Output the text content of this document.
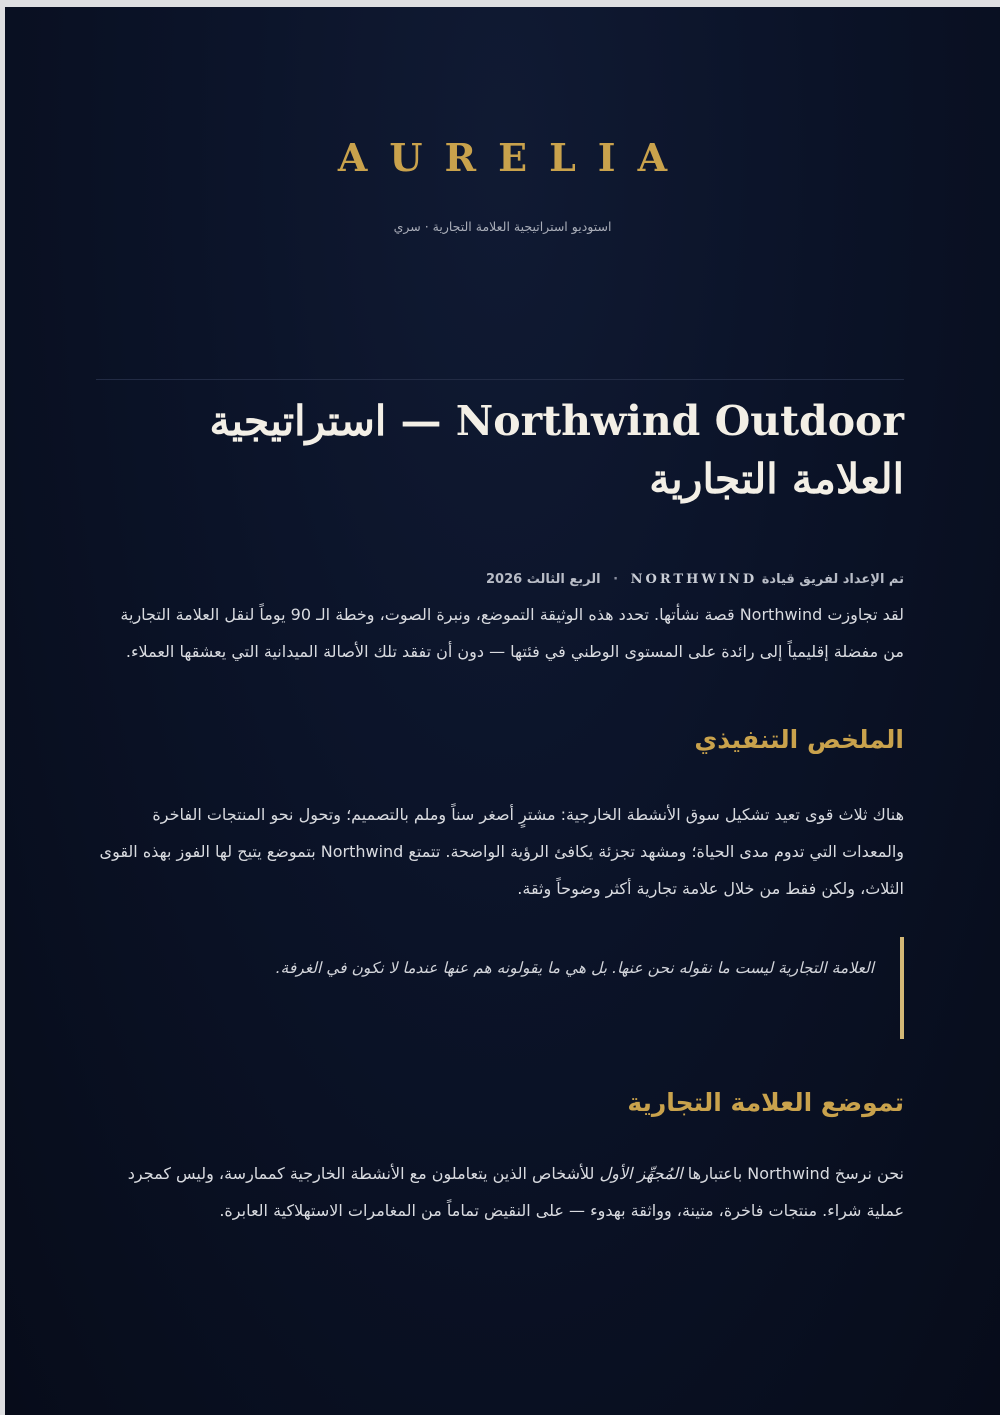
AURELIA
استوديو استراتيجية العلامة التجارية · سري
Northwind Outdoor — استراتيجية العلامة التجارية
تم الإعداد لفريق قيادة NORTHWIND · الربع الثالث 2026

لقد تجاوزت Northwind قصة نشأتها. تحدد هذه الوثيقة التموضع، ونبرة الصوت، وخطة الـ 90 يوماً لنقل العلامة التجارية من مفضلة إقليمياً إلى رائدة على المستوى الوطني في فئتها — دون أن تفقد تلك الأصالة الميدانية التي يعشقها العملاء.

الملخص التنفيذي

هناك ثلاث قوى تعيد تشكيل سوق الأنشطة الخارجية: مشترٍ أصغر سناً وملم بالتصميم؛ وتحول نحو المنتجات الفاخرة والمعدات التي تدوم مدى الحياة؛ ومشهد تجزئة يكافئ الرؤية الواضحة. تتمتع Northwind بتموضع يتيح لها الفوز بهذه القوى الثلاث، ولكن فقط من خلال علامة تجارية أكثر وضوحاً وثقة.

العلامة التجارية ليست ما نقوله نحن عنها. بل هي ما يقولونه هم عنها عندما لا نكون في الغرفة.
تموضع العلامة التجارية

نحن نرسخ Northwind باعتبارها المُجهِّز الأول للأشخاص الذين يتعاملون مع الأنشطة الخارجية كممارسة، وليس كمجرد عملية شراء. منتجات فاخرة، متينة، وواثقة بهدوء — على النقيض تماماً من المغامرات الاستهلاكية العابرة.
